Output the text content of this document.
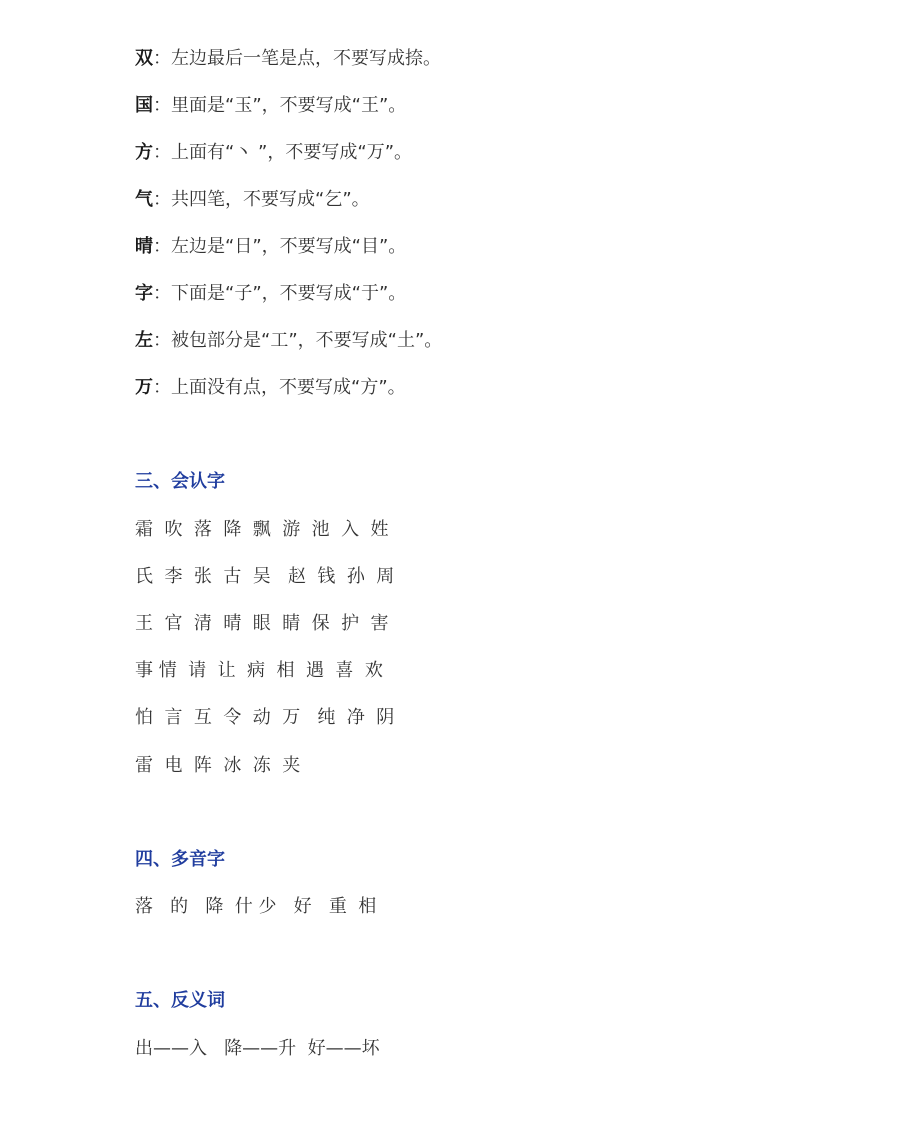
双：左边最后一笔是点，不要写成捺。
国：里面是“玉”，不要写成“王”。
方：上面有“丶 ”，不要写成“万”。
气：共四笔，不要写成“乞”。
晴：左边是“日”，不要写成“目”。
字：下面是“子”，不要写成“于”。
左：被包部分是“工”，不要写成“土”。
万：上面没有点，不要写成“方”。
三、会认字
霜  吹  落  降  飘  游  池  入  姓
氏  李  张  古  吴   赵  钱  孙  周
王  官  清  晴  眼  睛  保  护  害
事 情  请  让  病  相  遇  喜  欢
怕  言  互  令  动  万   纯  净  阴
雷  电  阵  冰  冻  夹
四、多音字
落   的   降  什 少   好   重  相
五、反义词
出——入   降——升  好——坏
